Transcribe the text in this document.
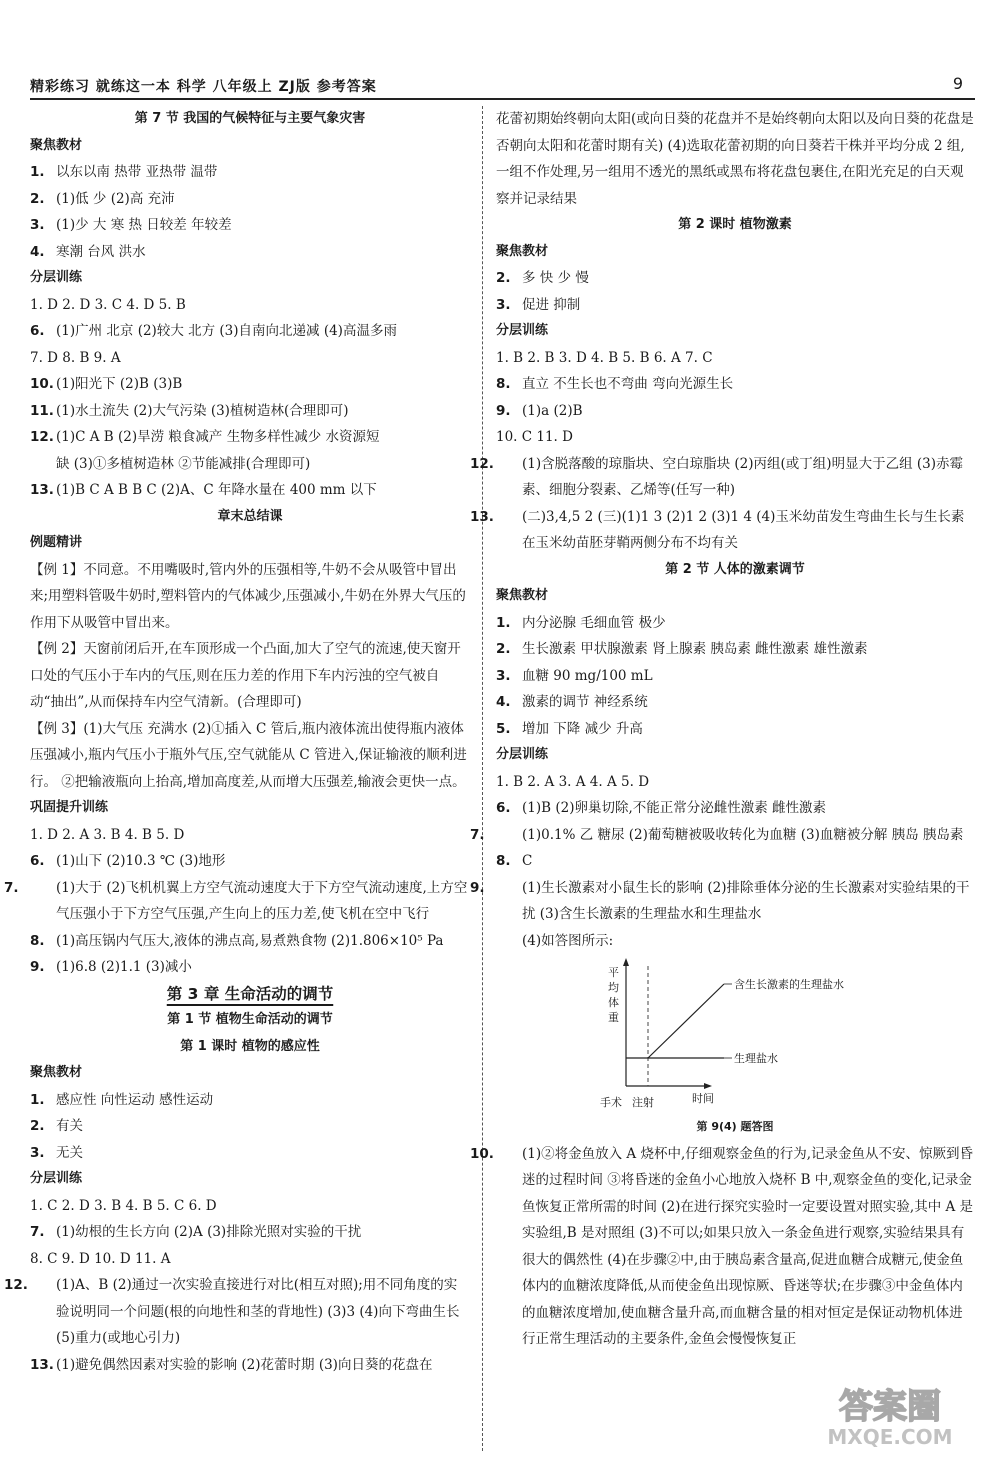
精彩练习 就练这一本 科学 八年级上 ZJ版 参考答案	9
第 7 节 我国的气候特征与主要气象灾害
聚焦教材
1. 以东以南 热带 亚热带 温带
2. (1)低 少 (2)高 充沛
3. (1)少 大 寒 热 日较差 年较差
4. 寒潮 台风 洪水
分层训练
1. D 2. D 3. C 4. D 5. B
6. (1)广州 北京 (2)较大 北方 (3)自南向北递减 (4)高温多雨
7. D 8. B 9. A
10. (1)阳光下 (2)B (3)B
11. (1)水土流失 (2)大气污染 (3)植树造林(合理即可)
12. (1)C A B (2)旱涝 粮食减产 生物多样性减少 水资源短
缺 (3)①多植树造林 ②节能减排(合理即可)
13. (1)B C A B B C (2)A、C 年降水量在 400 mm 以下
章末总结课
例题精讲
【例 1】不同意。不用嘴吸时,管内外的压强相等,牛奶不会从吸管中冒出来;用塑料管吸牛奶时,塑料管内的气体减少,压强减小,牛奶在外界大气压的作用下从吸管中冒出来。
【例 2】天窗前闭后开,在车顶形成一个凸面,加大了空气的流速,使天窗开口处的气压小于车内的气压,则在压力差的作用下车内污浊的空气被自动“抽出”,从而保持车内空气清新。(合理即可)
【例 3】(1)大气压 充满水 (2)①插入 C 管后,瓶内液体流出使得瓶内液体压强减小,瓶内气压小于瓶外气压,空气就能从 C 管进入,保证输液的顺利进行。 ②把输液瓶向上抬高,增加高度差,从而增大压强差,输液会更快一点。
巩固提升训练
1. D 2. A 3. B 4. B 5. D
6. (1)山下 (2)10.3 ℃ (3)地形
7.	(1)大于 (2)飞机机翼上方空气流动速度大于下方空气流动速度,上方空气压强小于下方空气压强,产生向上的压力差,使飞机在空中飞行
8. (1)高压锅内气压大,液体的沸点高,易煮熟食物 (2)1.806×10⁵ Pa
9. (1)6.8 (2)1.1 (3)减小
第 3 章 生命活动的调节
第 1 节 植物生命活动的调节
第 1 课时 植物的感应性
聚焦教材
1. 感应性 向性运动 感性运动
2. 有关
3. 无关
分层训练
1. C 2. D 3. B 4. B 5. C 6. D
7. (1)幼根的生长方向 (2)A (3)排除光照对实验的干扰
8. C 9. D 10. D 11. A
12. (1)A、B (2)通过一次实验直接进行对比(相互对照);用不同角度的实验说明同一个问题(根的向地性和茎的背地性) (3)3 (4)向下弯曲生长 (5)重力(或地心引力)
13. (1)避免偶然因素对实验的影响 (2)花蕾时期 (3)向日葵的花盘在
花蕾初期始终朝向太阳(或向日葵的花盘并不是始终朝向太阳以及向日葵的花盘是否朝向太阳和花蕾时期有关) (4)选取花蕾初期的向日葵若干株并平均分成 2 组,一组不作处理,另一组用不透光的黑纸或黑布将花盘包裹住,在阳光充足的白天观察并记录结果
第 2 课时 植物激素
聚焦教材
2. 多 快 少 慢
3. 促进 抑制
分层训练
1. B 2. B 3. D 4. B 5. B 6. A 7. C
8. 直立 不生长也不弯曲 弯向光源生长
9. (1)a (2)B
10. C 11. D
12. (1)含脱落酸的琼脂块、空白琼脂块 (2)丙组(或丁组)明显大于乙组 (3)赤霉素、细胞分裂素、乙烯等(任写一种)
13. (二)3,4,5 2 (三)(1)1 3 (2)1 2 (3)1 4 (4)玉米幼苗发生弯曲生长与生长素在玉米幼苗胚芽鞘两侧分布不均有关
第 2 节 人体的激素调节
聚焦教材
1. 内分泌腺 毛细血管 极少
2. 生长激素 甲状腺激素 肾上腺素 胰岛素 雌性激素 雄性激素
3. 血糖 90 mg/100 mL
4. 激素的调节 神经系统
5. 增加 下降 减少 升高
分层训练
1. B 2. A 3. A 4. A 5. D
6. (1)B (2)卵巢切除,不能正常分泌雌性激素 雌性激素
7.	(1)0.1% 乙 糖尿 (2)葡萄糖被吸收转化为血糖 (3)血糖被分解 胰岛 胰岛素
8. C
9.	(1)生长激素对小鼠生长的影响 (2)排除垂体分泌的生长激素对实验结果的干扰 (3)含生长激素的生理盐水和生理盐水
(4)如答图所示:
平
均
体
重
含生长激素的生理盐水
生理盐水
时间
手术 注射
第 9(4) 题答图
10. (1)②将金鱼放入 A 烧杯中,仔细观察金鱼的行为,记录金鱼从不安、惊厥到昏迷的过程时间 ③将昏迷的金鱼小心地放入烧杯 B 中,观察金鱼的变化,记录金鱼恢复正常所需的时间 (2)在进行探究实验时一定要设置对照实验,其中 A 是实验组,B 是对照组 (3)不可以;如果只放入一条金鱼进行观察,实验结果具有很大的偶然性 (4)在步骤②中,由于胰岛素含量高,促进血糖合成糖元,使金鱼体内的血糖浓度降低,从而使金鱼出现惊厥、昏迷等状;在步骤③中金鱼体内的血糖浓度增加,使血糖含量升高,而血糖含量的相对恒定是保证动物机体进行正常生理活动的主要条件,金鱼会慢慢恢复正
答案圈
MXQE.COM
